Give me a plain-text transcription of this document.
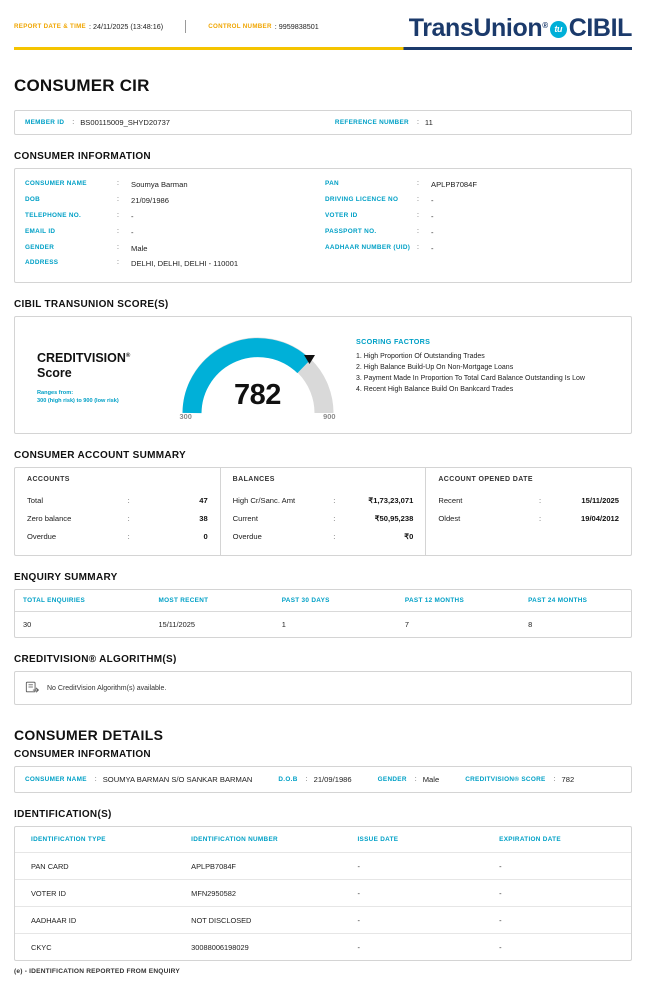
REPORT DATE & TIME : 24/11/2025 (13:48:16)	CONTROL NUMBER : 9959838501	TransUnion® tu CIBIL
CONSUMER CIR
MEMBER ID : BS00115009_SHYD20737	REFERENCE NUMBER : 11
CONSUMER INFORMATION
CONSUMER NAME	:	Soumya Barman
DOB	:	21/09/1986
TELEPHONE NO.	:	-
EMAIL ID	:	-
GENDER	:	Male
ADDRESS	:	DELHI, DELHI, DELHI - 110001
PAN	:	APLPB7084F
DRIVING LICENCE NO	:	-
VOTER ID	:	-
PASSPORT NO.	:	-
AADHAAR NUMBER (UID) :	-
CIBIL TRANSUNION SCORE(S)
CREDITVISION®
Score
Ranges from:
300 (high risk) to 900 (low risk)	782
300	900
SCORING FACTORS
1. High Proportion Of Outstanding Trades
2. High Balance Build-Up On Non-Mortgage Loans
3. Payment Made In Proportion To Total Card Balance Outstanding Is Low
4. Recent High Balance Build On Bankcard Trades
CONSUMER ACCOUNT SUMMARY
ACCOUNTS
Total	:	47
Zero balance	:	38
Overdue	:	0
BALANCES
High Cr/Sanc. Amt	:	₹1,73,23,071
Current	:	₹50,95,238
Overdue	:	₹0
ACCOUNT OPENED DATE
Recent	:	15/11/2025
Oldest	:	19/04/2012
ENQUIRY SUMMARY
TOTAL ENQUIRIES	MOST RECENT	PAST 30 DAYS	PAST 12 MONTHS	PAST 24 MONTHS
30	15/11/2025	1	7	8
CREDITVISION® ALGORITHM(S)
No CreditVision Algorithm(s) available.
CONSUMER DETAILS
CONSUMER INFORMATION
CONSUMER NAME : SOUMYA BARMAN S/O SANKAR BARMAN	D.O.B : 21/09/1986	GENDER : Male	CREDITVISION® SCORE : 782
IDENTIFICATION(S)
IDENTIFICATION TYPE	IDENTIFICATION NUMBER	ISSUE DATE	EXPIRATION DATE
PAN CARD	APLPB7084F	-	-
VOTER ID	MFN2950582	-	-
AADHAAR ID	NOT DISCLOSED	-	-
CKYC	30088006198029	-	-
(e) - IDENTIFICATION REPORTED FROM ENQUIRY
